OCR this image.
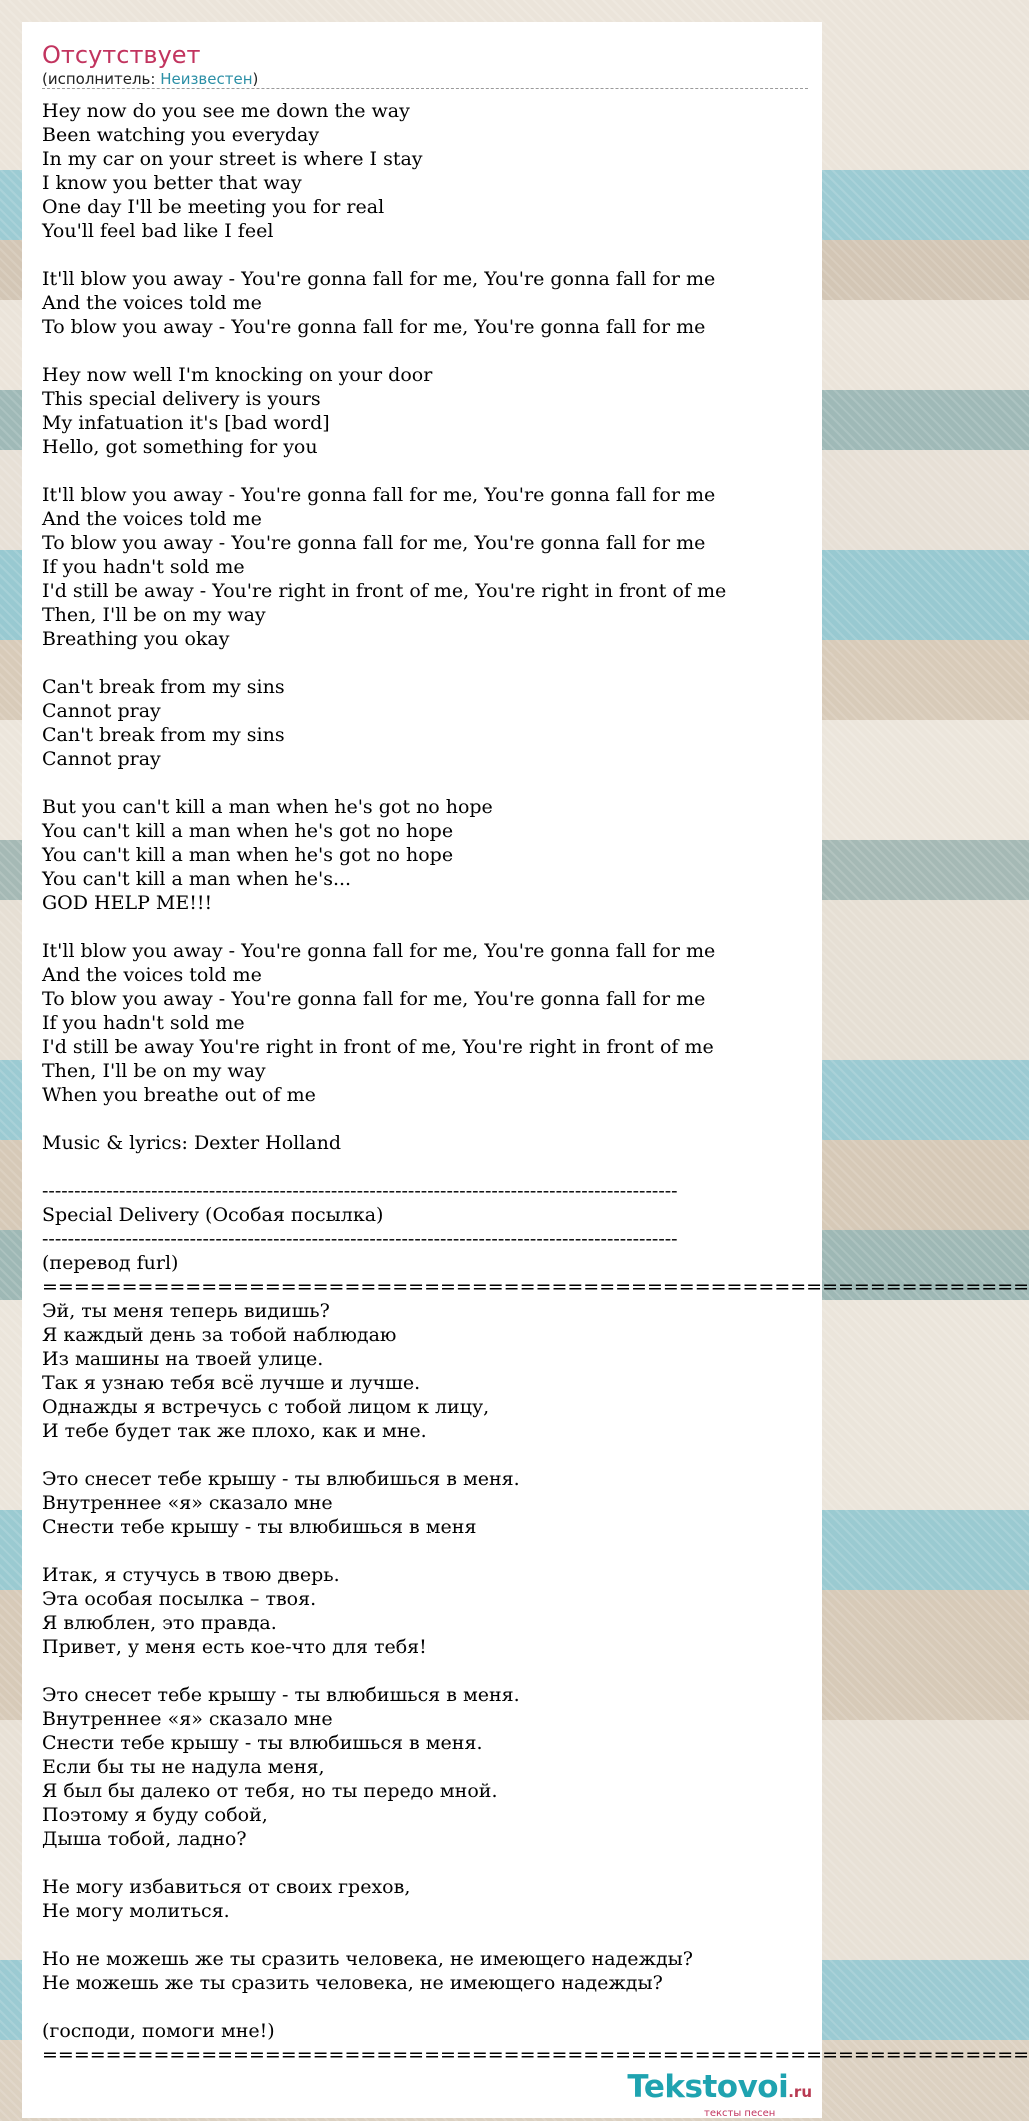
Отсутствует
(исполнитель: Неизвестен)
Hey now do you see me down the way
Been watching you everyday
In my car on your street is where I stay
I know you better that way
One day I'll be meeting you for real
You'll feel bad like I feel

It'll blow you away - You're gonna fall for me, You're gonna fall for me
And the voices told me
To blow you away - You're gonna fall for me, You're gonna fall for me

Hey now well I'm knocking on your door
This special delivery is yours
My infatuation it's [bad word]
Hello, got something for you

It'll blow you away - You're gonna fall for me, You're gonna fall for me
And the voices told me
To blow you away - You're gonna fall for me, You're gonna fall for me
If you hadn't sold me
I'd still be away - You're right in front of me, You're right in front of me
Then, I'll be on my way
Breathing you okay

Can't break from my sins
Cannot pray
Can't break from my sins
Cannot pray

But you can't kill a man when he's got no hope
You can't kill a man when he's got no hope
You can't kill a man when he's got no hope
You can't kill a man when he's...
GOD HELP ME!!!

It'll blow you away - You're gonna fall for me, You're gonna fall for me
And the voices told me
To blow you away - You're gonna fall for me, You're gonna fall for me
If you hadn't sold me
I'd still be away You're right in front of me, You're right in front of me
Then, I'll be on my way
When you breathe out of me

Music & lyrics: Dexter Holland

---------------------------------------------------------------------------------------------------
Special Delivery (Особая посылка)
---------------------------------------------------------------------------------------------------
(перевод furl)
==============================================================
Эй, ты меня теперь видишь?
Я каждый день за тобой наблюдаю
Из машины на твоей улице.
Так я узнаю тебя всё лучше и лучше.
Однажды я встречусь с тобой лицом к лицу,
И тебе будет так же плохо, как и мне.

Это снесет тебе крышу - ты влюбишься в меня.
Внутреннее «я» сказало мне
Снести тебе крышу - ты влюбишься в меня

Итак, я стучусь в твою дверь.
Эта особая посылка – твоя.
Я влюблен, это правда.
Привет, у меня есть кое-что для тебя!

Это снесет тебе крышу - ты влюбишься в меня.
Внутреннее «я» сказало мне
Снести тебе крышу - ты влюбишься в меня.
Если бы ты не надула меня,
Я был бы далеко от тебя, но ты передо мной.
Поэтому я буду собой,
Дыша тобой, ладно?

Не могу избавиться от своих грехов,
Не могу молиться.

Но не можешь же ты сразить человека, не имеющего надежды?
Не можешь же ты сразить человека, не имеющего надежды?

(господи, помоги мне!)
==============================================================
Tekstovoi.ru
тексты песен
